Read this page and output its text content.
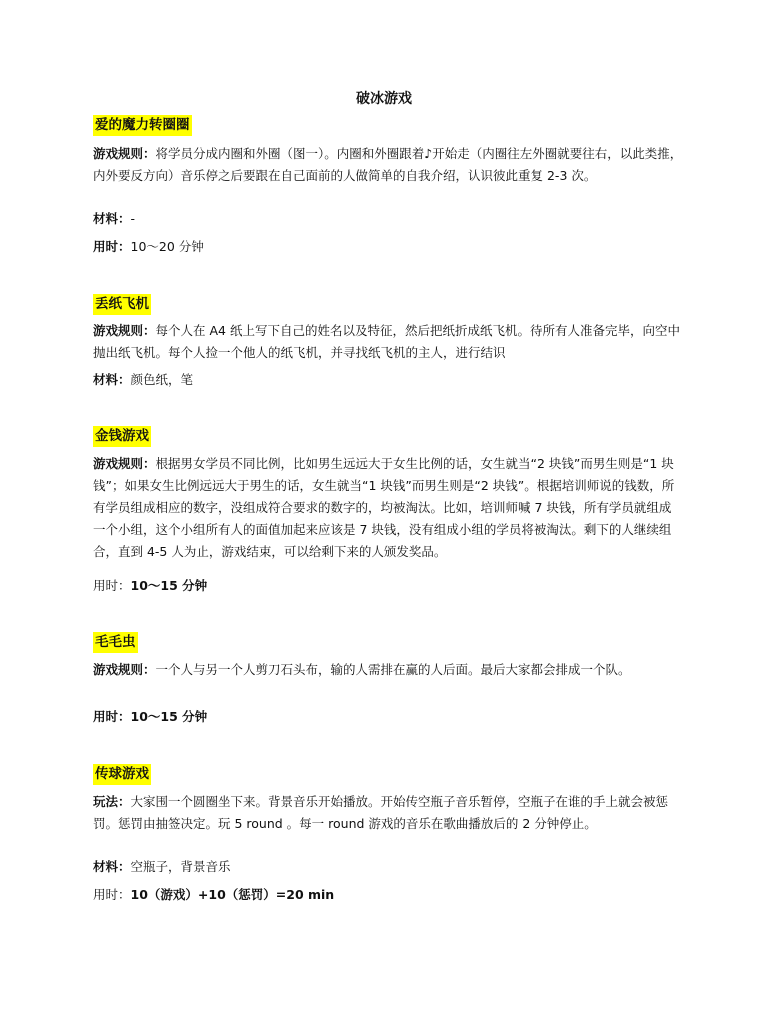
破冰游戏
爱的魔力转圈圈
游戏规则：将学员分成内圈和外圈（图一）。内圈和外圈跟着♪开始走（内圈往左外圈就要往右，以此类推，内外要反方向）音乐停之后要跟在自己面前的人做简单的自我介绍，认识彼此重复 2-3 次。
材料：-
用时：10～20 分钟
丢纸飞机
游戏规则：每个人在 A4 纸上写下自己的姓名以及特征，然后把纸折成纸飞机。待所有人准备完毕，向空中抛出纸飞机。每个人捡一个他人的纸飞机，并寻找纸飞机的主人，进行结识
材料：颜色纸，笔
金钱游戏
游戏规则：根据男女学员不同比例，比如男生远远大于女生比例的话，女生就当“2 块钱”而男生则是“1 块钱”；如果女生比例远远大于男生的话，女生就当“1 块钱”而男生则是“2 块钱”。根据培训师说的钱数，所有学员组成相应的数字，没组成符合要求的数字的，均被淘汰。比如，培训师喊 7 块钱，所有学员就组成一个小组，这个小组所有人的面值加起来应该是 7 块钱，没有组成小组的学员将被淘汰。剩下的人继续组合，直到 4-5 人为止，游戏结束，可以给剩下来的人颁发奖品。
用时：10～15 分钟
毛毛虫
游戏规则：一个人与另一个人剪刀石头布，输的人需排在赢的人后面。最后大家都会排成一个队。
用时：10～15 分钟
传球游戏
玩法：大家围一个圆圈坐下来。背景音乐开始播放。开始传空瓶子音乐暂停，空瓶子在谁的手上就会被惩罚。惩罚由抽签决定。玩 5 round 。每一 round 游戏的音乐在歌曲播放后的 2 分钟停止。
材料：空瓶子，背景音乐
用时：10（游戏）+10（惩罚）=20 min
